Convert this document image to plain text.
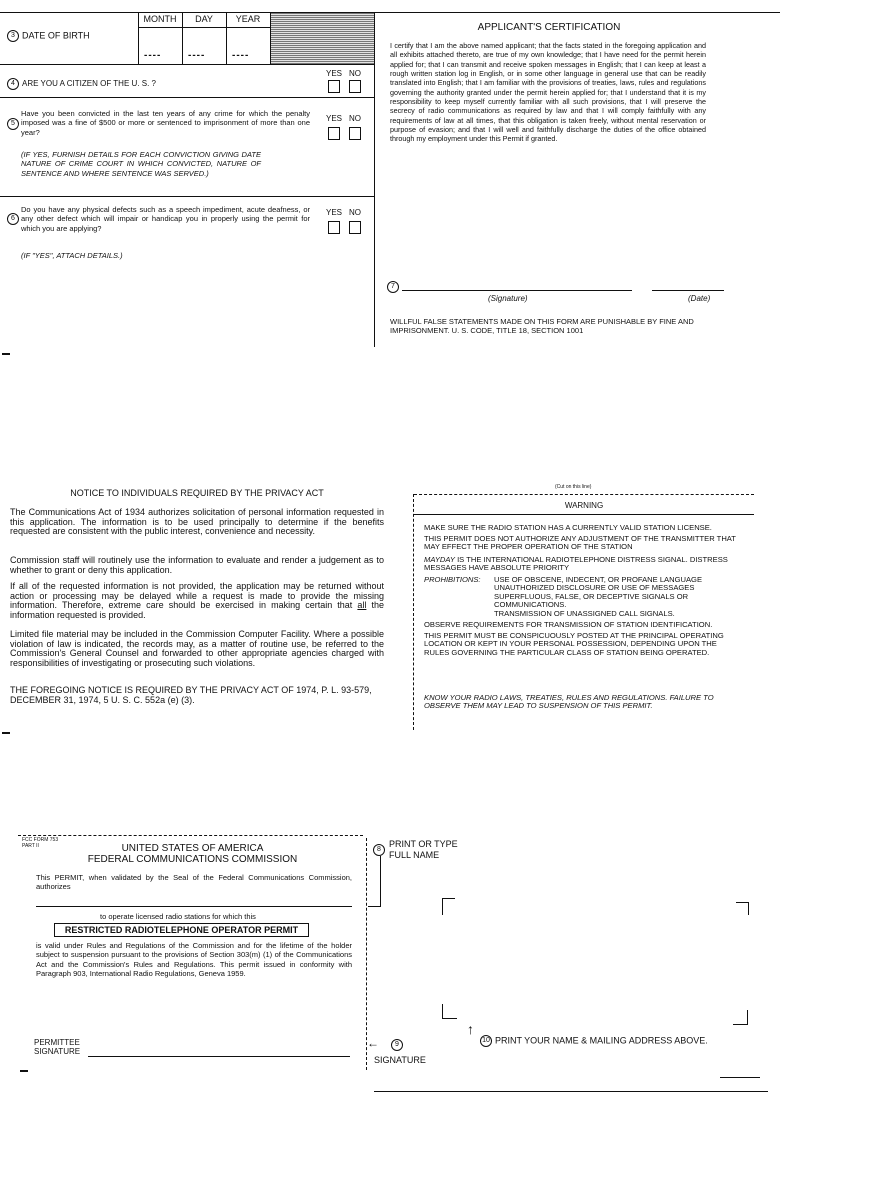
3 DATE OF BIRTH
MONTH	DAY	YEAR
----	----	----
4 ARE YOU A CITIZEN OF THE U. S. ?
YES NO
5
Have you been convicted in the last ten years of any crime for which the penalty imposed was a fine of $500 or more or sentenced to imprisonment of more than one year?
(IF YES, FURNISH DETAILS FOR EACH CONVICTION GIVING DATE NATURE OF CRIME COURT IN WHICH CONVICTED, NATURE OF SENTENCE AND WHERE SENTENCE WAS SERVED.)
YES NO
6
Do you have any physical defects such as a speech impediment, acute deafness, or any other defect which will impair or handicap you in properly using the permit for which you are applying?
(IF "YES", ATTACH DETAILS.)
YES NO
APPLICANT'S CERTIFICATION
I certify that I am the above named applicant; that the facts stated in the foregoing application and all exhibits attached thereto, are true of my own knowledge; that I have need for the permit herein applied for; that I can transmit and receive spoken messages in English; that I can keep at least a rough written station log in English, or in some other language in general use that can be readily translated into English; that I am familiar with the provisions of treaties, laws, rules and regulations governing the authority granted under the permit herein applied for; that I understand that it is my responsibility to keep myself currently familiar with all such provisions, that I will preserve the secrecy of radio communications as required by law and that I will comply faithfully with any requirements of law at all times, that this obligation is taken freely, without mental reservation or purpose of evasion; and that I will well and faithfully discharge the duties of the office obtained through my employment under this Permit if granted.
7
(Signature)	(Date)
WILLFUL FALSE STATEMENTS MADE ON THIS FORM ARE PUNISHABLE BY FINE AND IMPRISONMENT. U. S. CODE, TITLE 18, SECTION 1001
NOTICE TO INDIVIDUALS REQUIRED BY THE PRIVACY ACT
The Communications Act of 1934 authorizes solicitation of personal information requested in this application. The information is to be used principally to determine if the benefits requested are consistent with the public interest, convenience and necessity.
Commission staff will routinely use the information to evaluate and render a judgement as to whether to grant or deny this application.
If all of the requested information is not provided, the application may be returned without action or processing may be delayed while a request is made to provide the missing information. Therefore, extreme care should be exercised in making certain that all the information requested is provided.
Limited file material may be included in the Commission Computer Facility. Where a possible violation of law is indicated, the records may, as a matter of routine use, be referred to the Commission's General Counsel and forwarded to other appropriate agencies charged with responsibilities of investigating or prosecuting such violations.
THE FOREGOING NOTICE IS REQUIRED BY THE PRIVACY ACT OF 1974, P. L. 93-579, DECEMBER 31, 1974, 5 U. S. C. 552a (e) (3).
(Cut on this line)
WARNING
MAKE SURE THE RADIO STATION HAS A CURRENTLY VALID STATION LICENSE.
THIS PERMIT DOES NOT AUTHORIZE ANY ADJUSTMENT OF THE TRANSMITTER THAT MAY EFFECT THE PROPER OPERATION OF THE STATION
MAYDAY IS THE INTERNATIONAL RADIOTELEPHONE DISTRESS SIGNAL. DISTRESS MESSAGES HAVE ABSOLUTE PRIORITY
PROHIBITIONS: USE OF OBSCENE, INDECENT, OR PROFANE LANGUAGE
UNAUTHORIZED DISCLOSURE OR USE OF MESSAGES
SUPERFLUOUS, FALSE, OR DECEPTIVE SIGNALS OR
COMMUNICATIONS.
TRANSMISSION OF UNASSIGNED CALL SIGNALS.
OBSERVE REQUIREMENTS FOR TRANSMISSION OF STATION IDENTIFICATION.
THIS PERMIT MUST BE CONSPICUOUSLY POSTED AT THE PRINCIPAL OPERATING LOCATION OR KEPT IN YOUR PERSONAL POSSESSION, DEPENDING UPON THE RULES GOVERNING THE PARTICULAR CLASS OF STATION BEING OPERATED.
KNOW YOUR RADIO LAWS, TREATIES, RULES AND REGULATIONS. FAILURE TO OBSERVE THEM MAY LEAD TO SUSPENSION OF THIS PERMIT.
FCC FORM 753
PART II	UNITED STATES OF AMERICA
FEDERAL COMMUNICATIONS COMMISSION
This PERMIT, when validated by the Seal of the Federal Communications Commission, authorizes
to operate licensed radio stations for which this
RESTRICTED RADIOTELEPHONE OPERATOR PERMIT
is valid under Rules and Regulations of the Commission and for the lifetime of the holder subject to suspension pursuant to the provisions of Section 303(m) (1) of the Communications Act and the Commission's Rules and Regulations. This permit issued in conformity with Paragraph 903, International Radio Regulations, Geneva 1959.
PERMITTEE
SIGNATURE
8
PRINT OR TYPE
FULL NAME
←	9
SIGNATURE
↑
10 PRINT YOUR NAME & MAILING ADDRESS ABOVE.
